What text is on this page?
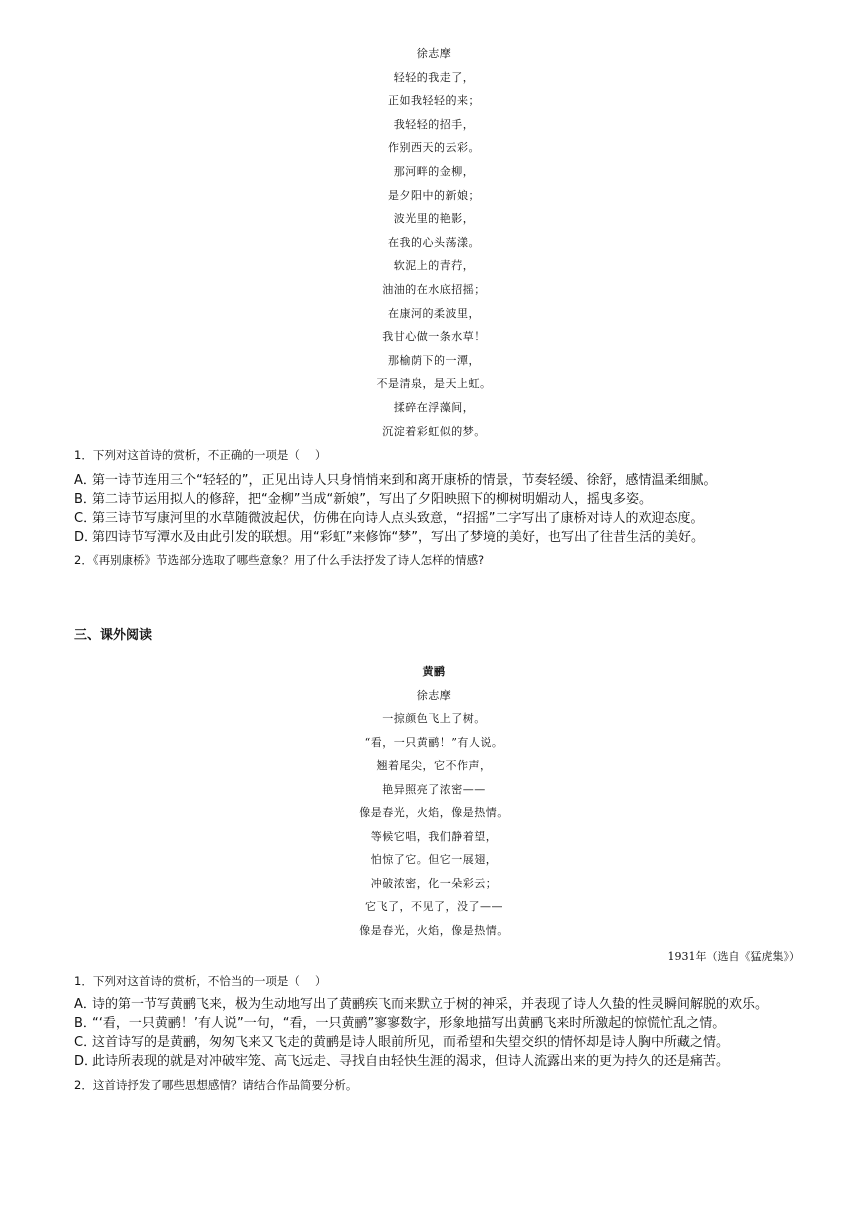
徐志摩
轻轻的我走了，
正如我轻轻的来；
我轻轻的招手，
作别西天的云彩。
那河畔的金柳，
是夕阳中的新娘；
波光里的艳影，
在我的心头荡漾。
软泥上的青荇，
油油的在水底招摇；
在康河的柔波里，
我甘心做一条水草！
那榆荫下的一潭，
不是清泉，是天上虹。
揉碎在浮藻间，
沉淀着彩虹似的梦。
1．下列对这首诗的赏析，不正确的一项是（　 ）
A．第一诗节连用三个“轻轻的”，正见出诗人只身悄悄来到和离开康桥的情景，节奏轻缓、徐舒，感情温柔细腻。
B．第二诗节运用拟人的修辞，把“金柳”当成“新娘”，写出了夕阳映照下的柳树明媚动人，摇曳多姿。
C．第三诗节写康河里的水草随微波起伏，仿佛在向诗人点头致意，“招摇”二字写出了康桥对诗人的欢迎态度。
D．第四诗节写潭水及由此引发的联想。用“彩虹”来修饰“梦”，写出了梦境的美好，也写出了往昔生活的美好。
2．《再别康桥》节选部分选取了哪些意象？用了什么手法抒发了诗人怎样的情感?
三、课外阅读
黄鹂
徐志摩
一掠颜色飞上了树。
“看，一只黄鹂！”有人说。
翘着尾尖，它不作声，
艳异照亮了浓密——
像是春光，火焰，像是热情。
等候它唱，我们静着望，
怕惊了它。但它一展翅，
冲破浓密，化一朵彩云；
它飞了，不见了，没了——
像是春光，火焰，像是热情。
1931年（选自《猛虎集》）
1．下列对这首诗的赏析，不恰当的一项是（　 ）
A．诗的第一节写黄鹂飞来，极为生动地写出了黄鹂疾飞而来默立于树的神采，并表现了诗人久蛰的性灵瞬间解脱的欢乐。
B．“‘看，一只黄鹂！’有人说”一句，“看，一只黄鹂”寥寥数字，形象地描写出黄鹂飞来时所激起的惊慌忙乱之情。
C．这首诗写的是黄鹂，匆匆飞来又飞走的黄鹂是诗人眼前所见，而希望和失望交织的情怀却是诗人胸中所藏之情。
D．此诗所表现的就是对冲破牢笼、高飞远走、寻找自由轻快生涯的渴求，但诗人流露出来的更为持久的还是痛苦。
2．这首诗抒发了哪些思想感情？请结合作品简要分析。
